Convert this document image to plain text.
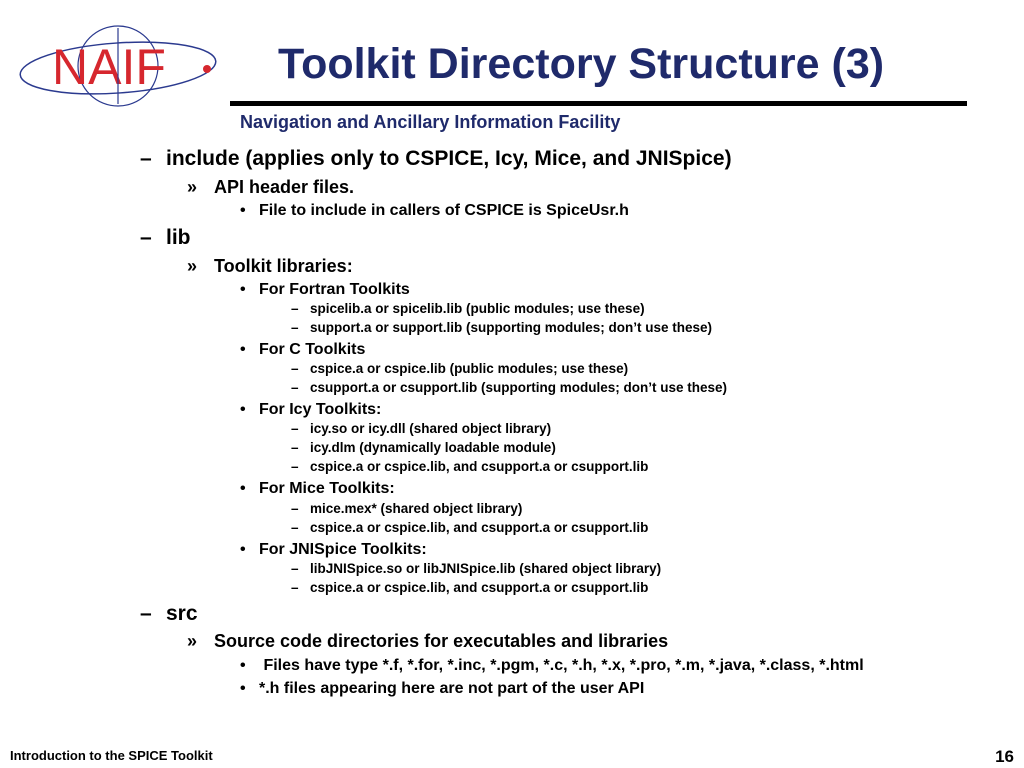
NAIF	Toolkit Directory Structure (3)
Navigation and Ancillary Information Facility
– include (applies only to CSPICE, Icy, Mice, and JNISpice)
» API header files.
• File to include in callers of CSPICE is SpiceUsr.h
– lib
» Toolkit libraries:
• For Fortran Toolkits
– spicelib.a or spicelib.lib (public modules; use these)
– support.a or support.lib (supporting modules; don’t use these)
• For C Toolkits
– cspice.a or cspice.lib (public modules; use these)
– csupport.a or csupport.lib (supporting modules; don’t use these)
• For Icy Toolkits:
– icy.so or icy.dll (shared object library)
– icy.dlm (dynamically loadable module)
– cspice.a or cspice.lib, and csupport.a or csupport.lib
• For Mice Toolkits:
– mice.mex* (shared object library)
– cspice.a or cspice.lib, and csupport.a or csupport.lib
• For JNISpice Toolkits:
– libJNISpice.so or libJNISpice.lib (shared object library)
– cspice.a or cspice.lib, and csupport.a or csupport.lib
– src
» Source code directories for executables and libraries
• Files have type *.f, *.for, *.inc, *.pgm, *.c, *.h, *.x, *.pro, *.m, *.java, *.class, *.html
• *.h files appearing here are not part of the user API
Introduction to the SPICE Toolkit	16
